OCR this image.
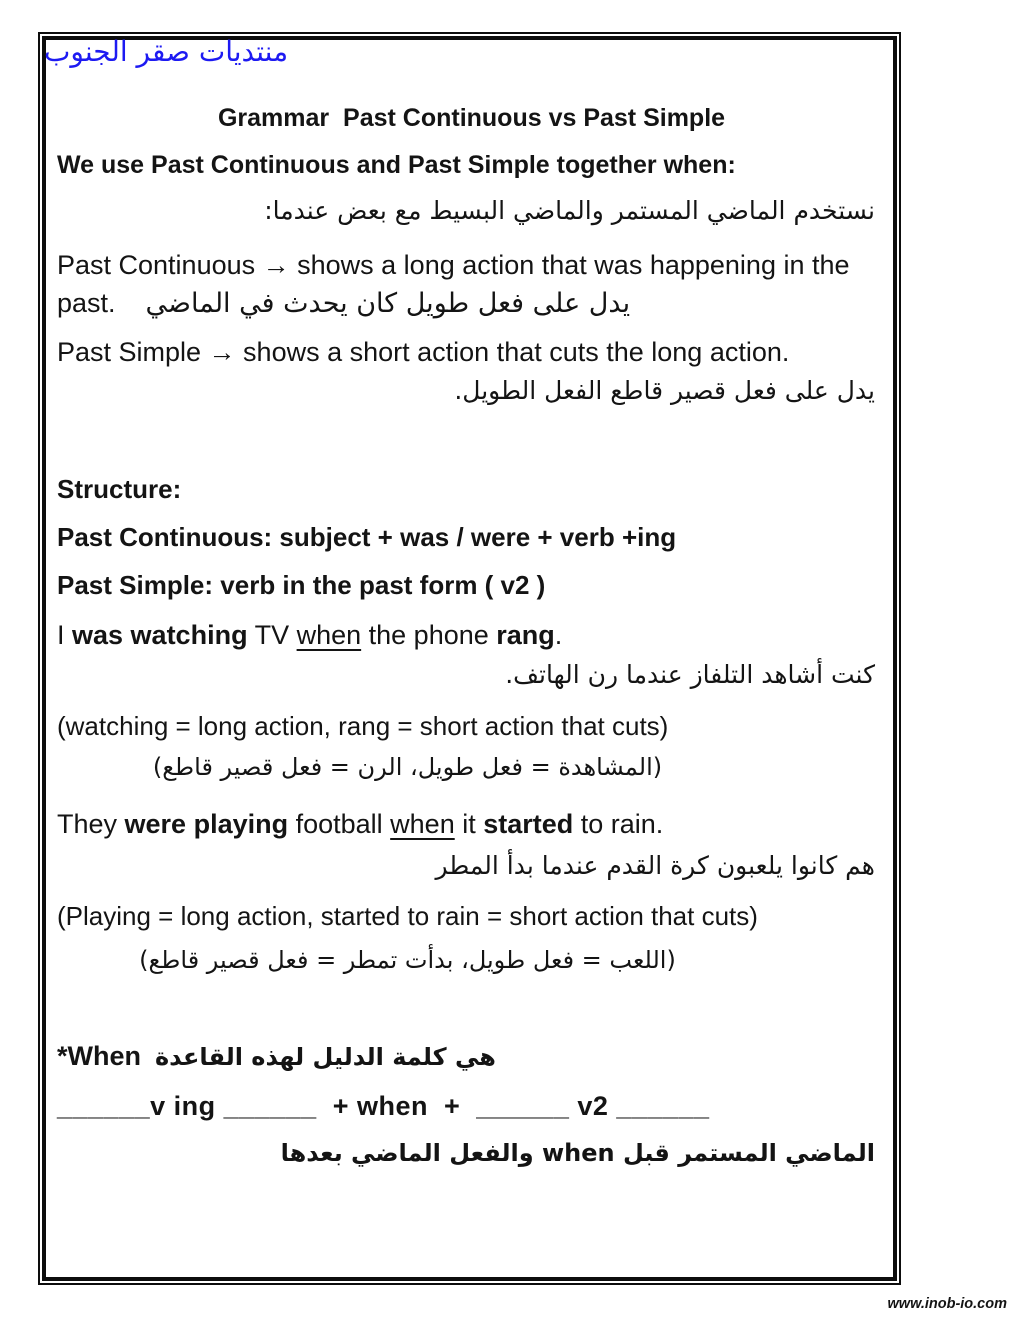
منتديات صقر الجنوب

Grammar  Past Continuous vs Past Simple

We use Past Continuous and Past Simple together when:

نستخدم الماضي المستمر والماضي البسيط مع بعض عندما:

Past Continuous → shows a long action that was happening in the

past. يدل على فعل طويل كان يحدث في الماضي

Past Simple → shows a short action that cuts the long action.

يدل على فعل قصير قاطع الفعل الطويل.

Structure:

Past Continuous: subject + was / were + verb +ing

Past Simple: verb in the past form ( v2 )

I was watching TV when the phone rang.

كنت أشاهد التلفاز عندما رن الهاتف.

(watching = long action, rang = short action that cuts)

(المشاهدة = فعل طويل، الرن = فعل قصير قاطع)

They were playing football when it started to rain.

هم كانوا يلعبون كرة القدم عندما بدأ المطر

(Playing = long action, started to rain = short action that cuts)

(اللعب = فعل طويل، بدأت تمطر = فعل قصير قاطع)

*When هي كلمة الدليل لهذه القاعدة

______v ing ______  + when  +  ______ v2 ______

الماضي المستمر قبل when والفعل الماضي بعدها

www.inob-io.com
